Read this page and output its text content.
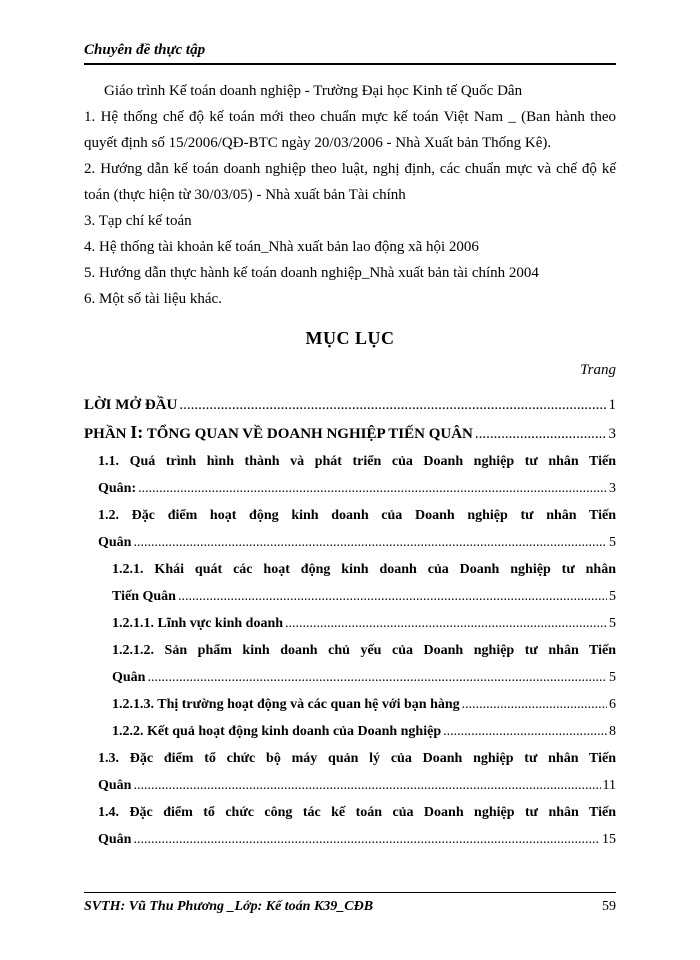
Chuyên đề thực tập

Giáo trình Kế toán doanh nghiệp - Trường Đại học Kinh tế Quốc Dân

1. Hệ thống chế độ kế toán mới theo chuẩn mực kế toán Việt Nam _ (Ban hành theo quyết định số 15/2006/QĐ-BTC ngày 20/03/2006 - Nhà Xuất bản Thống Kê).

2. Hướng dẫn kế toán doanh nghiệp theo luật, nghị định, các chuẩn mực và chế độ kế toán (thực hiện từ 30/03/05) - Nhà xuất bản Tài chính

3. Tạp chí kế toán

4. Hệ thống tài khoản kế toán_Nhà xuất bản lao động xã hội 2006

5. Hướng dẫn thực hành kế toán doanh nghiệp_Nhà xuất bản tài chính 2004

6. Một số tài liệu khác.

MỤC LỤC
Trang
LỜI MỞ ĐẦU .....	1
PHẦN I: TỔNG QUAN VỀ DOANH NGHIỆP TIẾN QUÂN .....	3
1.1. Quá trình hình thành và phát triển của Doanh nghiệp tư nhân Tiến
Quân: .....	3
1.2. Đặc điểm hoạt động kinh doanh của Doanh nghiệp tư nhân Tiến
Quân .....	5
1.2.1. Khái quát các hoạt động kinh doanh của Doanh nghiệp tư nhân
Tiến Quân .....	5
1.2.1.1. Lĩnh vực kinh doanh .....	5
1.2.1.2. Sản phẩm kinh doanh chủ yếu của Doanh nghiệp tư nhân Tiến
Quân .....	5
1.2.1.3. Thị trường hoạt động và các quan hệ với bạn hàng .....	6
1.2.2. Kết quả hoạt động kinh doanh của Doanh nghiệp .....	8
1.3. Đặc điểm tổ chức bộ máy quản lý của Doanh nghiệp tư nhân Tiến
Quân .....	11
1.4. Đặc điểm tổ chức công tác kế toán của Doanh nghiệp tư nhân Tiến
Quân .....	15
SVTH: Vũ Thu Phương _Lớp: Kế toán K39_CĐB	59
